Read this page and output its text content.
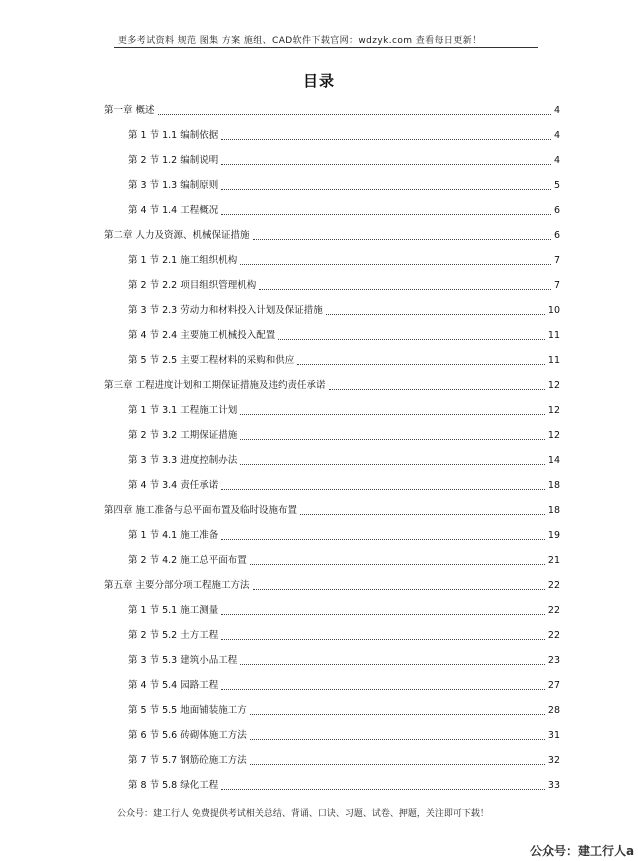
更多考试资料 规范 图集 方案 施组、CAD软件下载官网：wdzyk.com 查看每日更新！
目录
第一章 概述	4
第 1 节 1.1 编制依据	4
第 2 节 1.2 编制说明	4
第 3 节 1.3 编制原则	5
第 4 节 1.4 工程概况	6
第二章 人力及资源、机械保证措施	6
第 1 节 2.1 施工组织机构	7
第 2 节 2.2 项目组织管理机构	7
第 3 节 2.3 劳动力和材料投入计划及保证措施	10
第 4 节 2.4 主要施工机械投入配置	11
第 5 节 2.5 主要工程材料的采购和供应	11
第三章 工程进度计划和工期保证措施及违约责任承诺	12
第 1 节 3.1 工程施工计划	12
第 2 节 3.2 工期保证措施	12
第 3 节 3.3 进度控制办法	14
第 4 节 3.4 责任承诺	18
第四章 施工准备与总平面布置及临时设施布置	18
第 1 节 4.1 施工准备	19
第 2 节 4.2 施工总平面布置	21
第五章 主要分部分项工程施工方法	22
第 1 节 5.1 施工测量	22
第 2 节 5.2 土方工程	22
第 3 节 5.3 建筑小品工程	23
第 4 节 5.4 园路工程	27
第 5 节 5.5 地面铺装施工方	28
第 6 节 5.6 砖砌体施工方法	31
第 7 节 5.7 钢筋砼施工方法	32
第 8 节 5.8 绿化工程	33
公众号：建工行人 免费提供考试相关总结、背诵、口诀、习题、试卷、押题，关注即可下载！
公众号：建工行人a
